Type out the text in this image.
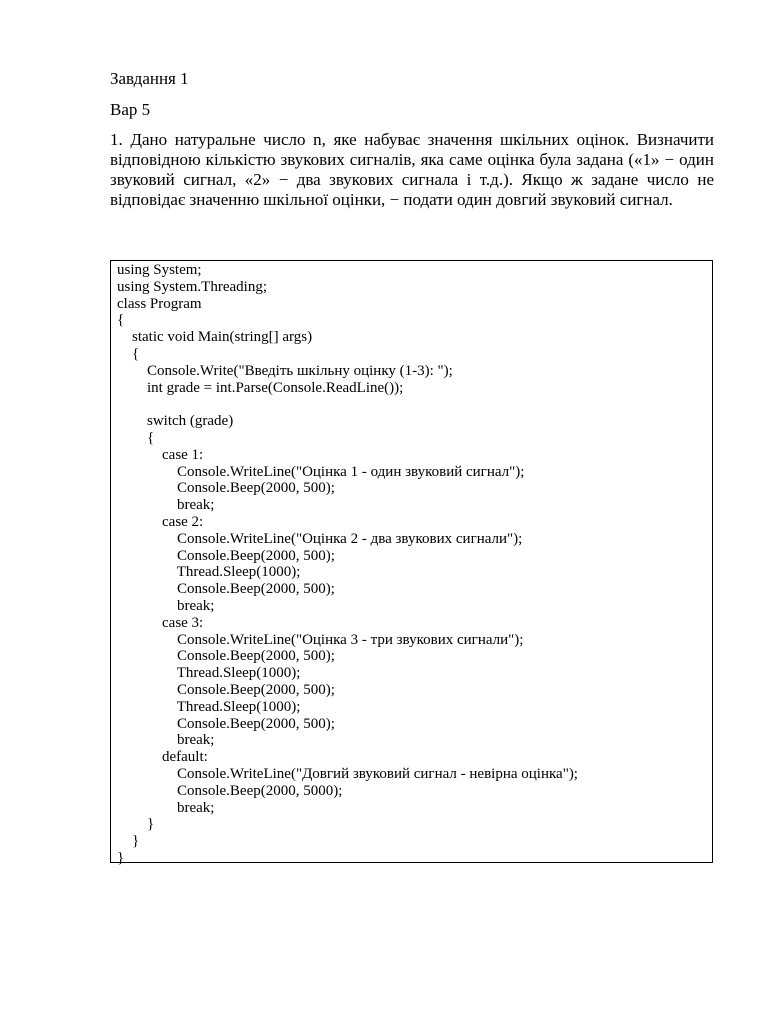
Завдання 1

Вар 5

1. Дано натуральне число n, яке набуває значення шкільних оцінок. Визначити відповідною кількістю звукових сигналів, яка саме оцінка була задана («1» − один звуковий сигнал, «2» − два звукових сигнала і т.д.). Якщо ж задане число не відповідає значенню шкільної оцінки, − подати один довгий звуковий сигнал.

using System;
using System.Threading;
class Program
{
static void Main(string[] args)
{
Console.Write("Введіть шкільну оцінку (1-3): ");
int grade = int.Parse(Console.ReadLine());
switch (grade)
{
case 1:
Console.WriteLine("Оцінка 1 - один звуковий сигнал");
Console.Beep(2000, 500);
break;
case 2:
Console.WriteLine("Оцінка 2 - два звукових сигнали");
Console.Beep(2000, 500);
Thread.Sleep(1000);
Console.Beep(2000, 500);
break;
case 3:
Console.WriteLine("Оцінка 3 - три звукових сигнали");
Console.Beep(2000, 500);
Thread.Sleep(1000);
Console.Beep(2000, 500);
Thread.Sleep(1000);
Console.Beep(2000, 500);
break;
default:
Console.WriteLine("Довгий звуковий сигнал - невірна оцінка");
Console.Beep(2000, 5000);
break;
}
}
}
